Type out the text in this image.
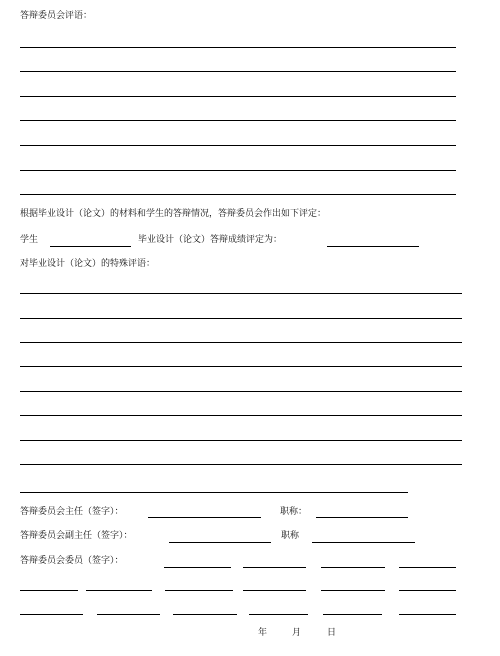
答辩委员会评语：
根据毕业设计（论文）的材料和学生的答辩情况，答辩委员会作出如下评定：
学生	毕业设计（论文）答辩成绩评定为：
对毕业设计（论文）的特殊评语：
答辩委员会主任（签字）：	职称：
答辩委员会副主任（签字）：	职称
答辩委员会委员（签字）：
年	月	日
